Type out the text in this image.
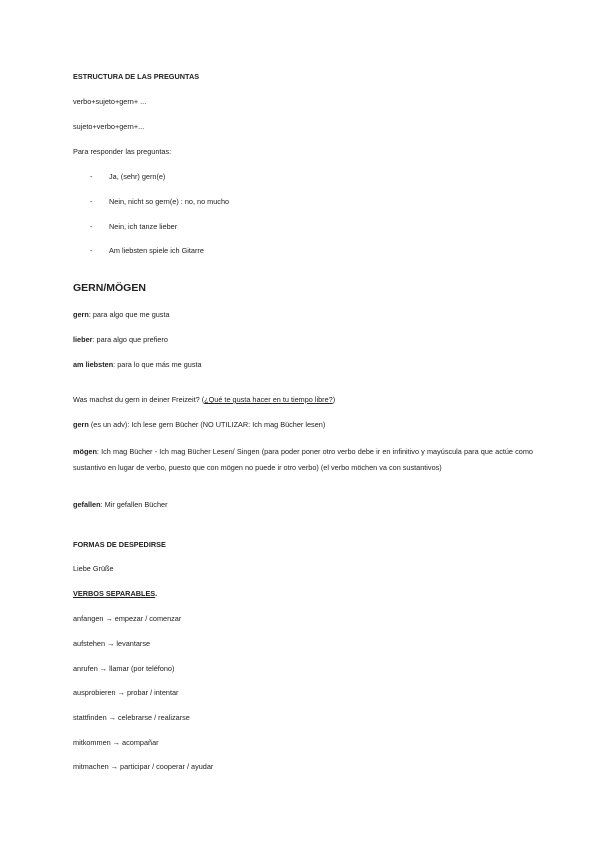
ESTRUCTURA DE LAS PREGUNTAS
verbo+sujeto+gern+ ...
sujeto+verbo+gern+...
Para responder las preguntas:
- Ja, (sehr) gern(e)
- Nein, nicht so gern(e) : no, no mucho
- Nein, ich tanze lieber
- Am liebsten spiele ich Gitarre
GERN/MÖGEN
gern: para algo que me gusta
lieber: para algo que prefiero
am liebsten: para lo que más me gusta
Was machst du gern in deiner Freizeit? (¿Qué te gusta hacer en tu tiempo libre?)
gern (es un adv): Ich lese gern Bücher (NO UTILIZAR: Ich mag Bücher lesen)
mögen: Ich mag Bücher - Ich mag Bücher Lesen/ Singen (para poder poner otro verbo debe ir en infinitivo y mayúscula para que actúe como sustantivo en lugar de verbo, puesto que con mögen no puede ir otro verbo) (el verbo möchen va con sustantivos)
gefallen: Mir gefallen Bücher
FORMAS DE DESPEDIRSE
Liebe Grüße
VERBOS SEPARABLES.
anfangen → empezar / comenzar
aufstehen → levantarse
anrufen → llamar (por teléfono)
ausprobieren → probar / intentar
stattfinden → celebrarse / realizarse
mitkommen → acompañar
mitmachen → participar / cooperar / ayudar
